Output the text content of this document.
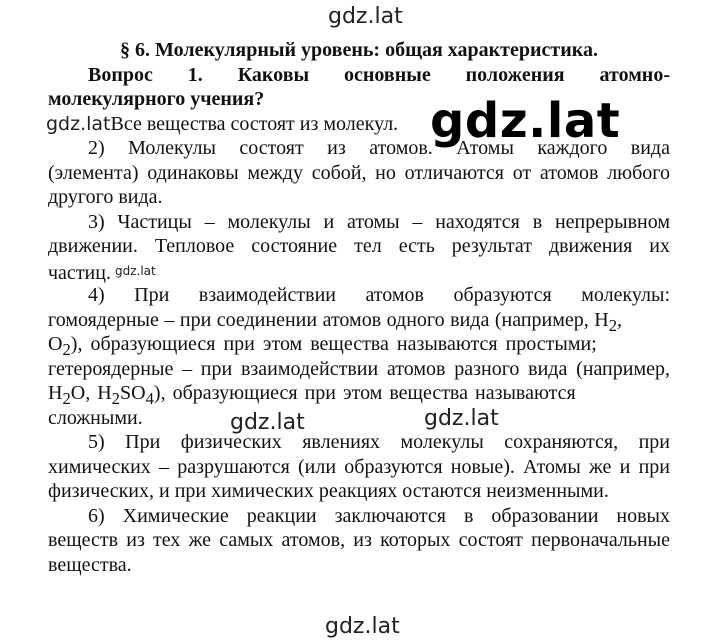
gdz.lat
gdz.lat
gdz.lat	gdz.lat
gdz.lat
§ 6. Молекулярный уровень: общая характеристика.
Вопрос 1. Каковы основные положения атомно-
молекулярного учения?
gdz.latВсе вещества состоят из молекул.
2) Молекулы состоят из атомов. Атомы каждого вида
(элемента) одинаковы между собой, но отличаются от атомов любого
другого вида.
3) Частицы – молекулы и атомы – находятся в непрерывном
движении. Тепловое состояние тел есть результат движения их
частиц. $^{gdz.lat}$
4) При взаимодействии атомов образуются молекулы:
гомоядерные – при соединении атомов одного вида (например, $H_2$,
$O_2$), образующиеся при этом вещества называются простыми;
гетероядерные – при взаимодействии атомов разного вида (например,
$H_2O$, $H_2SO_4$), образующиеся при этом вещества называются
сложными.
5) При физических явлениях молекулы сохраняются, при
химических – разрушаются (или образуются новые). Атомы же и при
физических, и при химических реакциях остаются неизменными.
6) Химические реакции заключаются в образовании новых
веществ из тех же самых атомов, из которых состоят первоначальные
вещества.
